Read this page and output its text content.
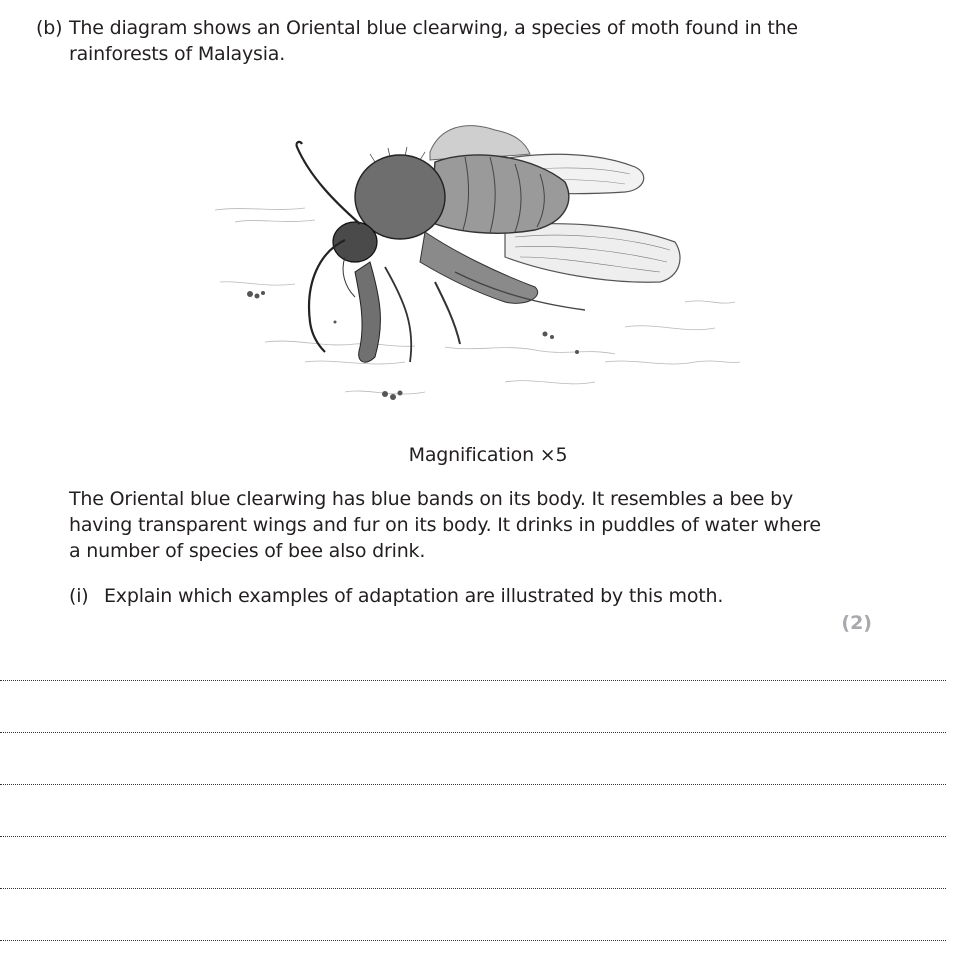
(b) The diagram shows an Oriental blue clearwing, a species of moth found in the
rainforests of Malaysia.
Magnification ×5
The Oriental blue clearwing has blue bands on its body. It resembles a bee by
having transparent wings and fur on its body. It drinks in puddles of water where
a number of species of bee also drink.
(i) Explain which examples of adaptation are illustrated by this moth.
(2)
